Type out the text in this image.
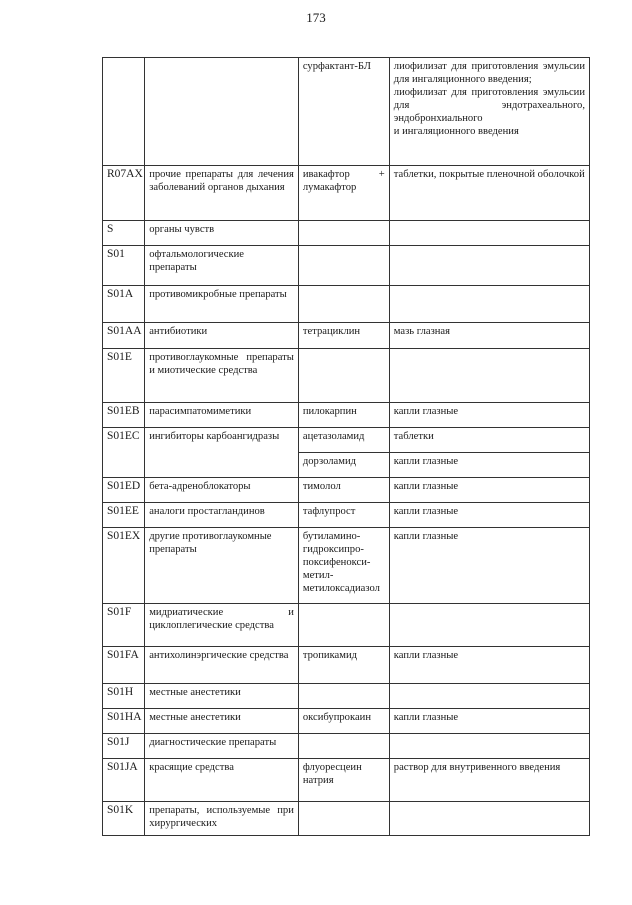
173
		сурфактант-БЛ	лиофилизат для приготовления эмульсии для ингаляционного введения;
лиофилизат для приготовления эмульсии для эндотрахеального, эндобронхиального
и ингаляционного введения
R07AX	прочие препараты для лечения заболеваний органов дыхания	ивакафтор + лумакафтор	таблетки, покрытые пленочной оболочкой
S	органы чувств		
S01	офтальмологические препараты		
S01A	противомикробные препараты		
S01AA	антибиотики	тетрациклин	мазь глазная
S01E	противоглаукомные препараты и миотические средства		
S01EB	парасимпатомиметики	пилокарпин	капли глазные
S01EC	ингибиторы карбоангидразы	ацетазоламид	таблетки
		дорзоламид	капли глазные
S01ED	бета-адреноблокаторы	тимолол	капли глазные
S01EE	аналоги простагландинов	тафлупрост	капли глазные
S01EX	другие противоглаукомные препараты	бутиламино-
гидроксипро-
поксифенокси-
метил-
метилоксадиазол	капли глазные
S01F	мидриатические и циклоплегические средства		
S01FA	антихолинэргические средства	тропикамид	капли глазные
S01H	местные анестетики		
S01HA	местные анестетики	оксибупрокаин	капли глазные
S01J	диагностические препараты		
S01JA	красящие средства	флуоресцеин натрия	раствор для внутривенного введения
S01K	препараты, используемые при хирургических		
